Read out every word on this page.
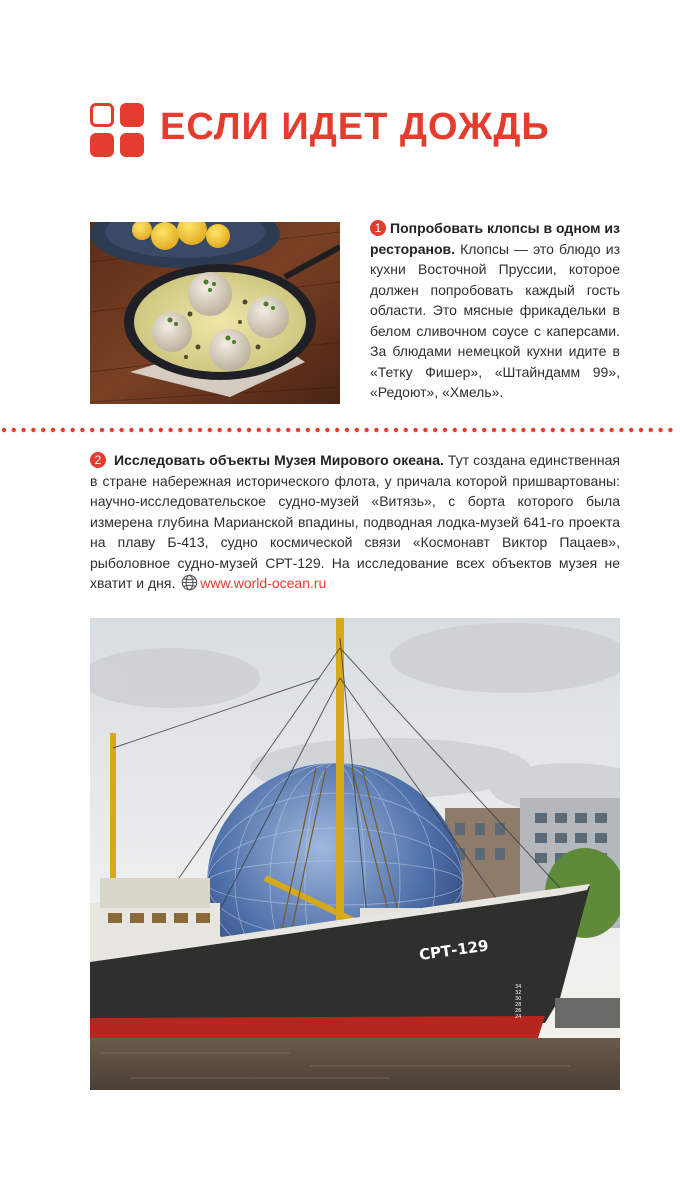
ЕСЛИ ИДЕТ ДОЖДЬ
1 Попробовать клопсы в одном из ресторанов. Клопсы — это блюдо из кухни Восточной Пруссии, которое должен попробовать каждый гость области. Это мясные фрикадельки в белом сливочном соусе с каперсами. За блюдами немецкой кухни идите в «Тетку Фишер», «Штайндамм 99», «Редоют», «Хмель».
2 Исследовать объекты Музея Мирового океана. Тут создана единственная в стране набережная исторического флота, у причала которой пришвартованы: научно-исследовательское судно-музей «Витязь», с борта которого была измерена глубина Марианской впадины, подводная лодка-музей 641-го проекта на плаву Б-413, судно космической связи «Космонавт Виктор Пацаев», рыболовное судно-музей СРТ-129. На исследование всех объектов музея не хватит и дня. www.world-ocean.ru
СРТ-129
34
32
30
28
26
24
